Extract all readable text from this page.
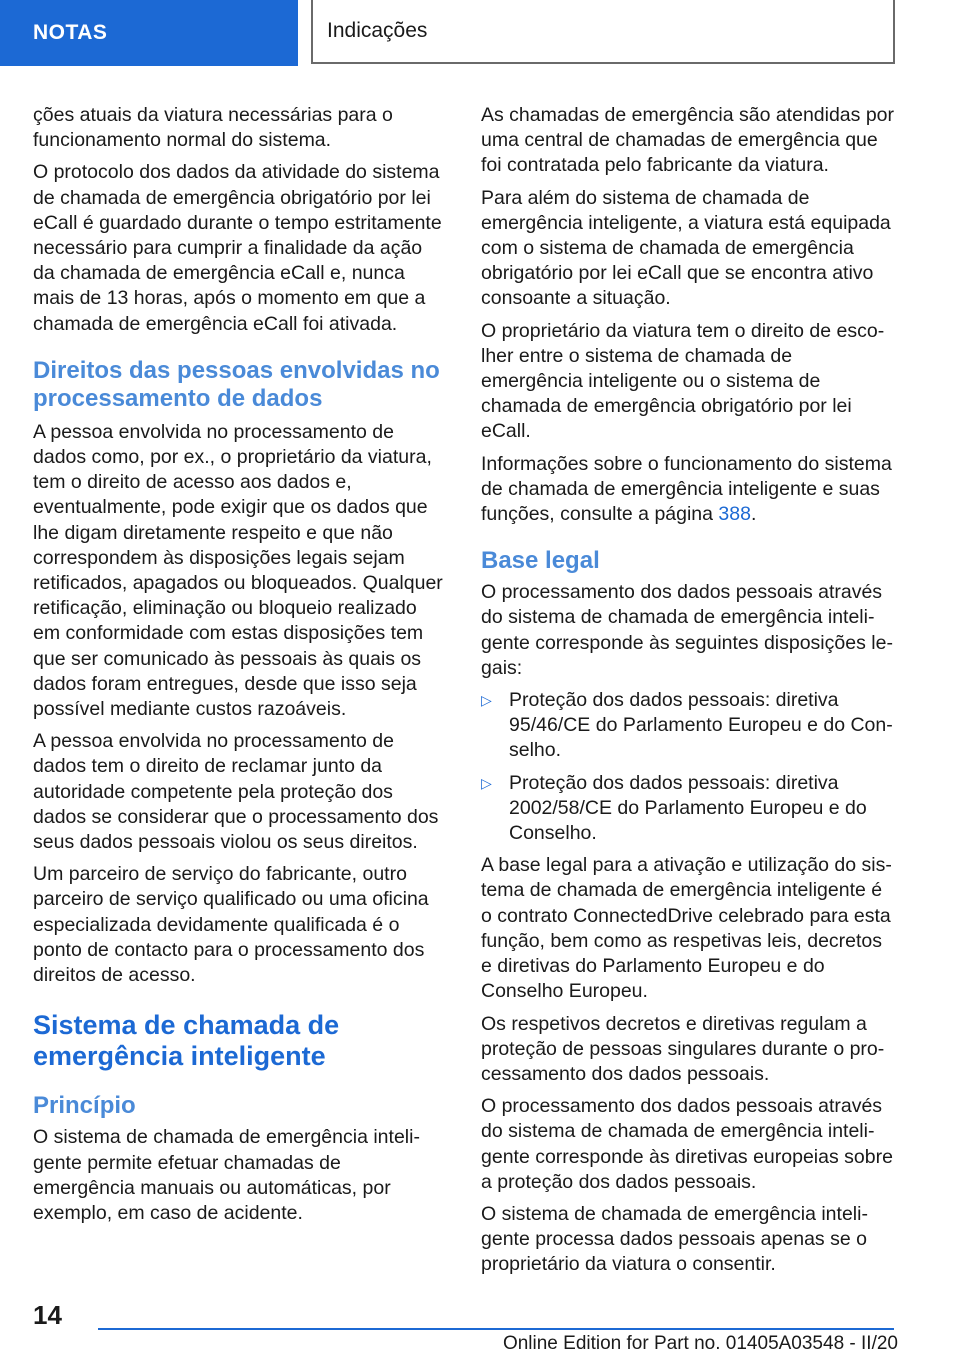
NOTAS	Indicações

ções atuais da viatura necessárias para o funcionamento normal do sistema.

O protocolo dos dados da atividade do sistema de chamada de emergência obrigatório por lei eCall é guardado durante o tempo estritamente necessário para cumprir a finalidade da ação da chamada de emergência eCall e, nunca mais de 13 horas, após o momento em que a chamada de emergência eCall foi ativada.

Direitos das pessoas envolvidas no processamento de dados

A pessoa envolvida no processamento de dados como, por ex., o proprietário da viatura, tem o direito de acesso aos dados e, eventualmente, pode exigir que os dados que lhe digam diretamente respeito e que não correspondem às disposições legais sejam retificados, apagados ou bloqueados. Qualquer retificação, eliminação ou bloqueio realizado em conformidade com estas disposições tem que ser comunicado às pessoais às quais os dados foram entregues, desde que isso seja possível mediante custos razoáveis.

A pessoa envolvida no processamento de dados tem o direito de reclamar junto da autoridade competente pela proteção dos dados se considerar que o processamento dos seus dados pessoais violou os seus direitos.

Um parceiro de serviço do fabricante, outro parceiro de serviço qualificado ou uma oficina especializada devidamente qualificada é o ponto de contacto para o processamento dos direitos de acesso.

Sistema de chamada de emergência inteligente
Princípio

O sistema de chamada de emergência inteligente permite efetuar chamadas de emergência manuais ou automáticas, por exemplo, em caso de acidente.

As chamadas de emergência são atendidas por uma central de chamadas de emergência que foi contratada pelo fabricante da viatura.

Para além do sistema de chamada de emergência inteligente, a viatura está equipada com o sistema de chamada de emergência obrigatório por lei eCall que se encontra ativo consoante a situação.

O proprietário da viatura tem o direito de escolher entre o sistema de chamada de emergência inteligente ou o sistema de chamada de emergência obrigatório por lei eCall.

Informações sobre o funcionamento do sistema de chamada de emergência inteligente e suas funções, consulte a página 388.

Base legal

O processamento dos dados pessoais através do sistema de chamada de emergência inteligente corresponde às seguintes disposições legais:

▷ Proteção dos dados pessoais: diretiva 95/46/CE do Parlamento Europeu e do Conselho.
▷ Proteção dos dados pessoais: diretiva 2002/58/CE do Parlamento Europeu e do Conselho.

A base legal para a ativação e utilização do sistema de chamada de emergência inteligente é o contrato ConnectedDrive celebrado para esta função, bem como as respetivas leis, decretos e diretivas do Parlamento Europeu e do Conselho Europeu.

Os respetivos decretos e diretivas regulam a proteção de pessoas singulares durante o processamento dos dados pessoais.

O processamento dos dados pessoais através do sistema de chamada de emergência inteligente corresponde às diretivas europeias sobre a proteção dos dados pessoais.

O sistema de chamada de emergência inteligente processa dados pessoais apenas se o proprietário da viatura o consentir.

14
Online Edition for Part no. 01405A03548 - II/20
